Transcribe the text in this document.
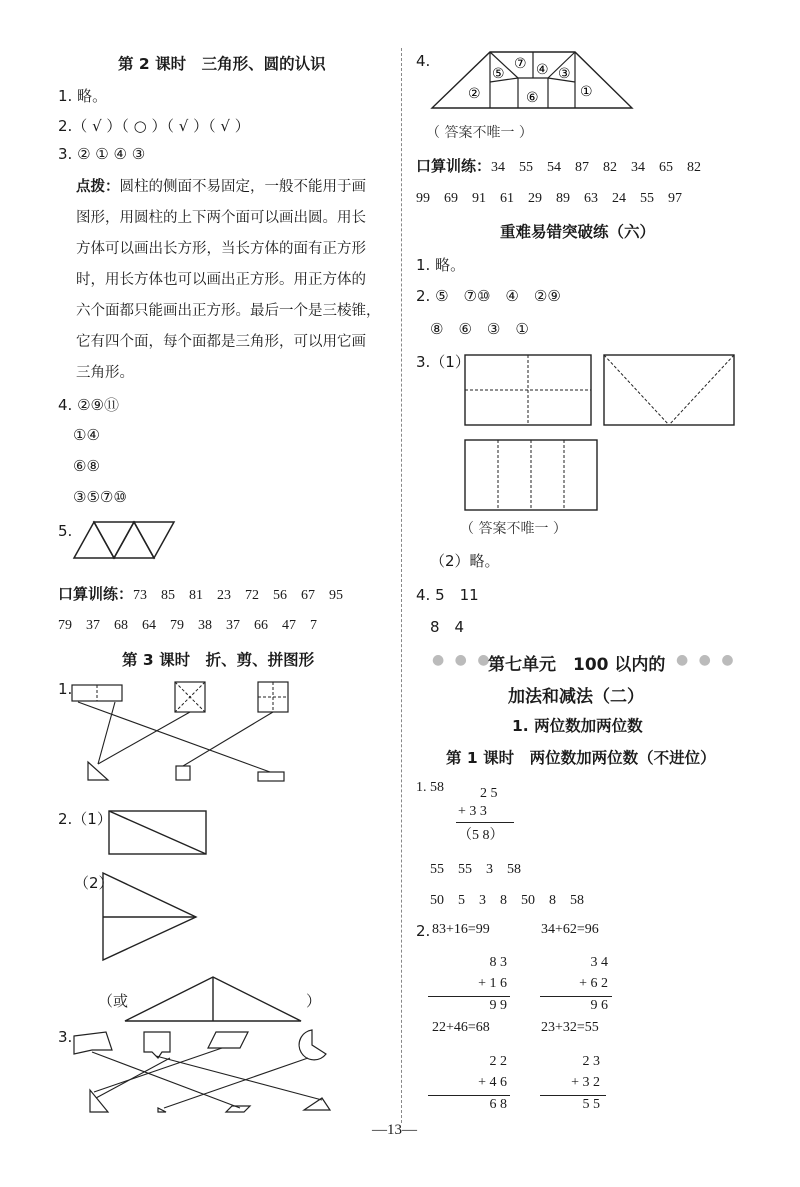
第 2 课时　三角形、圆的认识
1. 略。
2.（ √ ）（ ○ ）（ √ ）（ √ ）
3. ② ① ④ ③
点拨：圆柱的侧面不易固定，一般不能用于画
图形，用圆柱的上下两个面可以画出圆。用长
方体可以画出长方形，当长方体的面有正方形
时，用长方体也可以画出正方形。用正方体的
六个面都只能画出正方形。最后一个是三棱锥，
它有四个面，每个面都是三角形，可以用它画
三角形。
4. ②⑨⑪
①④
⑥⑧
③⑤⑦⑩
5.
口算训练：73　85　81　23　72　56　67　95
79　37　68　64　79　38　37　66　47　7
第 3 课时　折、剪、拼图形
1.
2.（1）
（2）
（或	）
3.
4.	⑦
⑤ ④ ③
②	⑥	①
（ 答案不唯一 ）
口算训练：34　55　54　87　82　34　65　82
99　69　91　61　29　89　63　24　55　97
重难易错突破练（六）
1. 略。
2. ⑤　⑦⑩　④　②⑨
⑧　⑥　③　①
3.（1）
（ 答案不唯一 ）
（2）略。
4. 5　11
8　4
● ● ●
第七单元　100 以内的 ● ● ●
加法和减法（二）
1. 两位数加两位数
第 1 课时　两位数加两位数（不进位）
1. 58	2 5
+ 3 3
（5 8）
55　55　3　58
50　5　3　8　50　8　58
2. 83+16=99	34+62=96
8 3
+ 1 6
9 9
3 4
+ 6 2
9 6
22+46=68	23+32=55
2 2
+ 4 6
6 8
2 3
+ 3 2
5 5
—13—
